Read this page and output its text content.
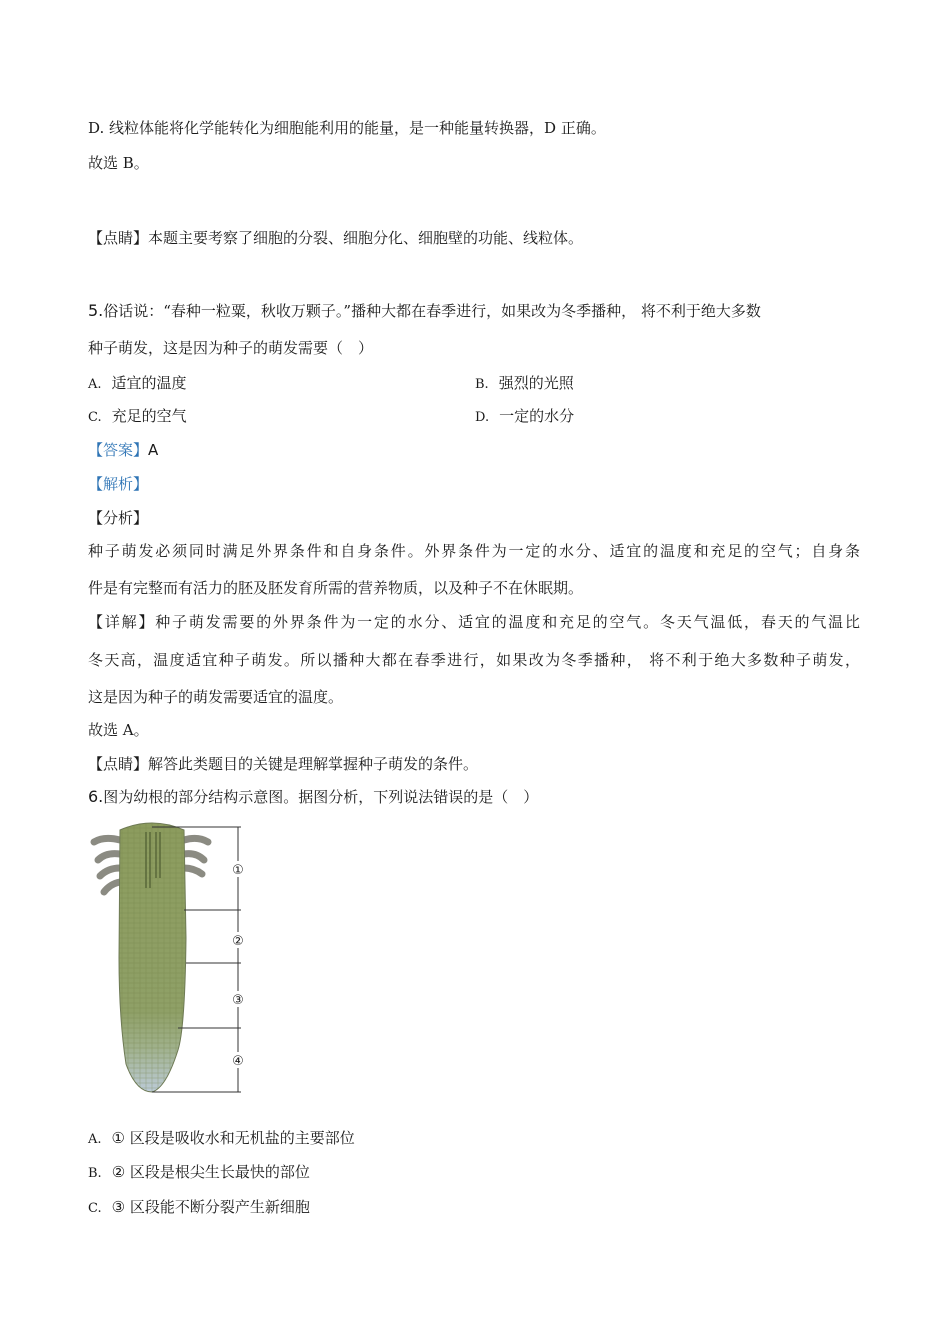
D. 线粒体能将化学能转化为细胞能利用的能量，是一种能量转换器，D 正确。
故选 B。
【点睛】本题主要考察了细胞的分裂、细胞分化、细胞壁的功能、线粒体。
5.俗话说：“春种一粒粟，秋收万颗子。”播种大都在春季进行，如果改为冬季播种， 将不利于绝大多数
种子萌发，这是因为种子的萌发需要（　）
A. 适宜的温度	B. 强烈的光照
C. 充足的空气	D. 一定的水分
【答案】A
【解析】
【分析】
种子萌发必须同时满足外界条件和自身条件。外界条件为一定的水分、适宜的温度和充足的空气；自身条
件是有完整而有活力的胚及胚发育所需的营养物质，以及种子不在休眠期。
【详解】种子萌发需要的外界条件为一定的水分、适宜的温度和充足的空气。冬天气温低，春天的气温比
冬天高，温度适宜种子萌发。所以播种大都在春季进行，如果改为冬季播种， 将不利于绝大多数种子萌发，
这是因为种子的萌发需要适宜的温度。
故选 A。
【点睛】解答此类题目的关键是理解掌握种子萌发的条件。
6.图为幼根的部分结构示意图。据图分析，下列说法错误的是（　）
①
②
③
④
A. ① 区段是吸收水和无机盐的主要部位
B. ② 区段是根尖生长最快的部位
C. ③ 区段能不断分裂产生新细胞
